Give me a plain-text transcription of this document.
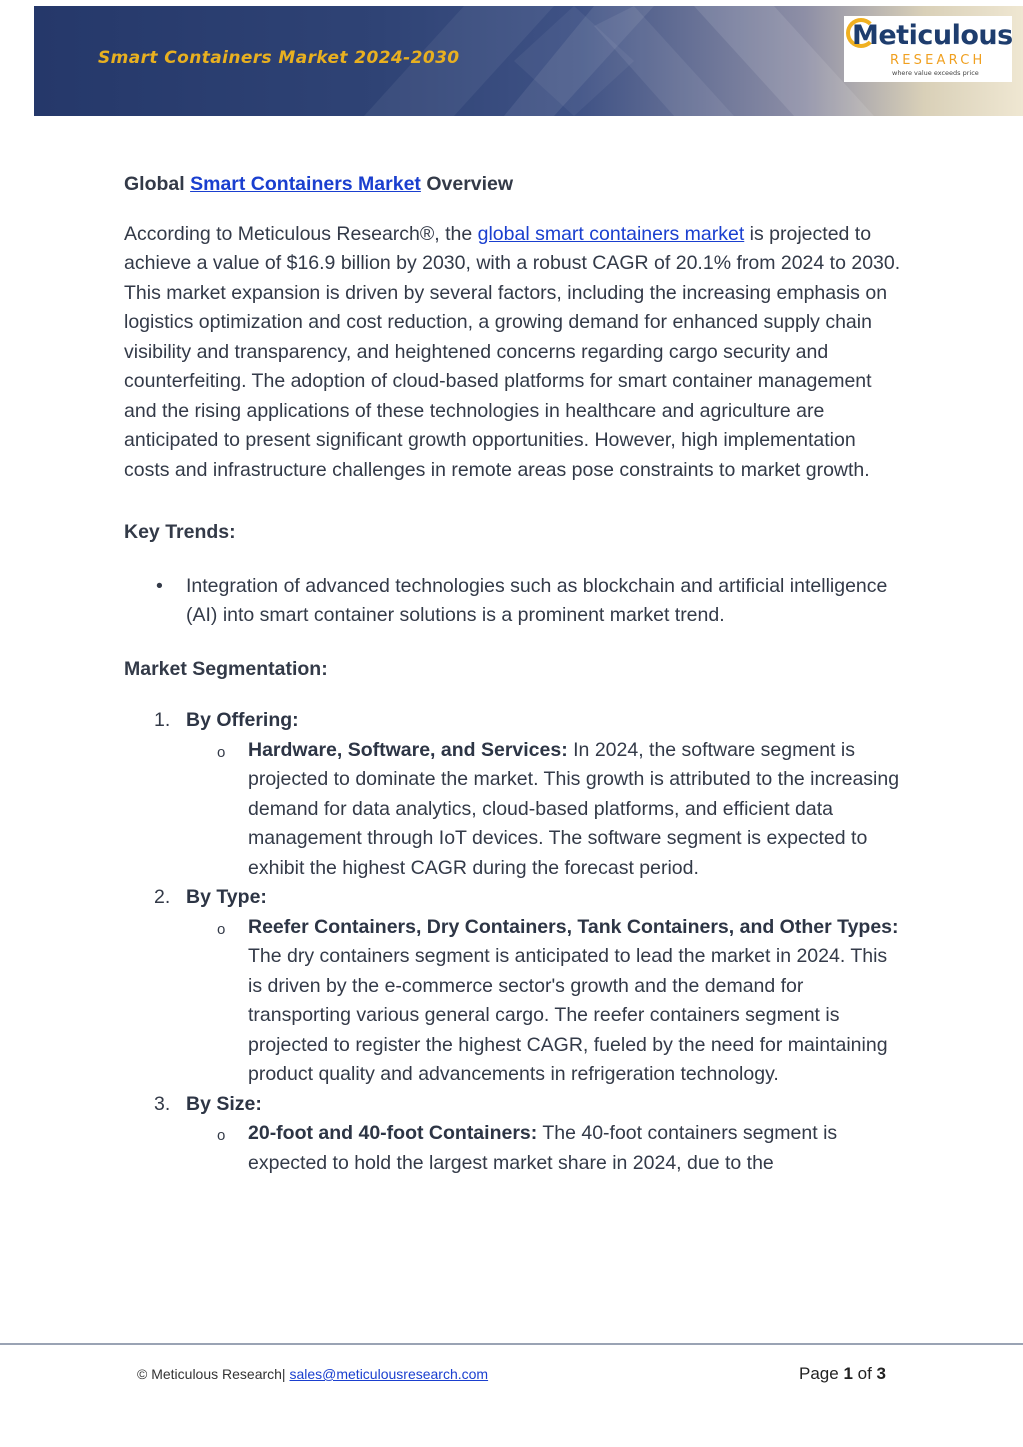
Smart Containers Market 2024-2030
Meticulous
RESEARCH
where value exceeds price

Global Smart Containers Market Overview

According to Meticulous Research®, the global smart containers market is projected to achieve a value of $16.9 billion by 2030, with a robust CAGR of 20.1% from 2024 to 2030. This market expansion is driven by several factors, including the increasing emphasis on logistics optimization and cost reduction, a growing demand for enhanced supply chain visibility and transparency, and heightened concerns regarding cargo security and counterfeiting. The adoption of cloud-based platforms for smart container management and the rising applications of these technologies in healthcare and agriculture are anticipated to present significant growth opportunities. However, high implementation costs and infrastructure challenges in remote areas pose constraints to market growth.

Key Trends:

• Integration of advanced technologies such as blockchain and artificial intelligence (AI) into smart container solutions is a prominent market trend.

Market Segmentation:

1. By Offering:
o Hardware, Software, and Services: In 2024, the software segment is projected to dominate the market. This growth is attributed to the increasing demand for data analytics, cloud-based platforms, and efficient data management through IoT devices. The software segment is expected to exhibit the highest CAGR during the forecast period.
2. By Type:
o Reefer Containers, Dry Containers, Tank Containers, and Other Types: The dry containers segment is anticipated to lead the market in 2024. This is driven by the e-commerce sector's growth and the demand for transporting various general cargo. The reefer containers segment is projected to register the highest CAGR, fueled by the need for maintaining product quality and advancements in refrigeration technology.
3. By Size:
o 20-foot and 40-foot Containers: The 40-foot containers segment is expected to hold the largest market share in 2024, due to the
© Meticulous Research| sales@meticulousresearch.com	Page 1 of 3
